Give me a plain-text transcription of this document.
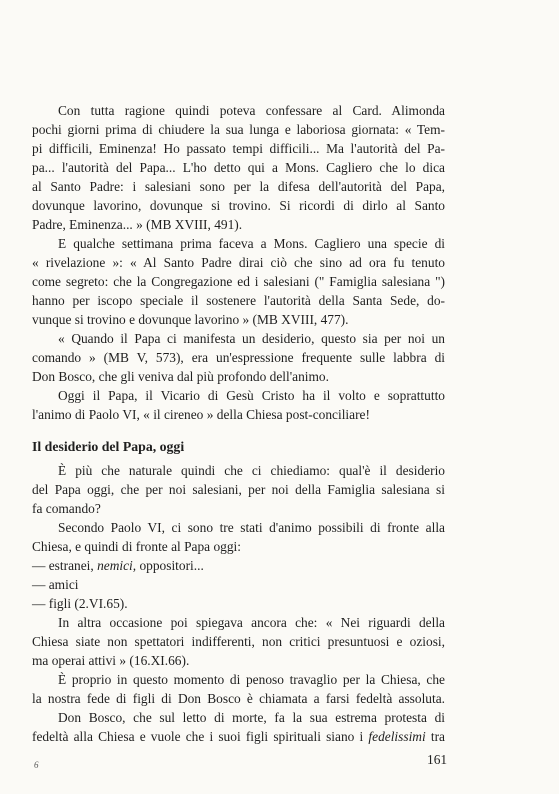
Con tutta ragione quindi poteva confessare al Card. Alimonda
pochi giorni prima di chiudere la sua lunga e laboriosa giornata: « Tem-
pi difficili, Eminenza! Ho passato tempi difficili... Ma l'autorità del Pa-
pa... l'autorità del Papa... L'ho detto qui a Mons. Cagliero che lo dica
al Santo Padre: i salesiani sono per la difesa dell'autorità del Papa,
dovunque lavorino, dovunque si trovino. Si ricordi di dirlo al Santo
Padre, Eminenza... » (MB XVIII, 491).
E qualche settimana prima faceva a Mons. Cagliero una specie di
« rivelazione »: « Al Santo Padre dirai ciò che sino ad ora fu tenuto
come segreto: che la Congregazione ed i salesiani (" Famiglia salesiana ")
hanno per iscopo speciale il sostenere l'autorità della Santa Sede, do-
vunque si trovino e dovunque lavorino » (MB XVIII, 477).
« Quando il Papa ci manifesta un desiderio, questo sia per noi un
comando » (MB V, 573), era un'espressione frequente sulle labbra di
Don Bosco, che gli veniva dal più profondo dell'animo.
Oggi il Papa, il Vicario di Gesù Cristo ha il volto e soprattutto
l'animo di Paolo VI, « il cireneo » della Chiesa post-conciliare!
Il desiderio del Papa, oggi
È più che naturale quindi che ci chiediamo: qual'è il desiderio
del Papa oggi, che per noi salesiani, per noi della Famiglia salesiana si
fa comando?
Secondo Paolo VI, ci sono tre stati d'animo possibili di fronte alla
Chiesa, e quindi di fronte al Papa oggi:
— estranei, nemici, oppositori...
— amici
— figli (2.VI.65).
In altra occasione poi spiegava ancora che: « Nei riguardi della
Chiesa siate non spettatori indifferenti, non critici presuntuosi e oziosi,
ma operai attivi » (16.XI.66).
È proprio in questo momento di penoso travaglio per la Chiesa, che
la nostra fede di figli di Don Bosco è chiamata a farsi fedeltà assoluta.
Don Bosco, che sul letto di morte, fa la sua estrema protesta di
fedeltà alla Chiesa e vuole che i suoi figli spirituali siano i fedelissimi tra
161
6
